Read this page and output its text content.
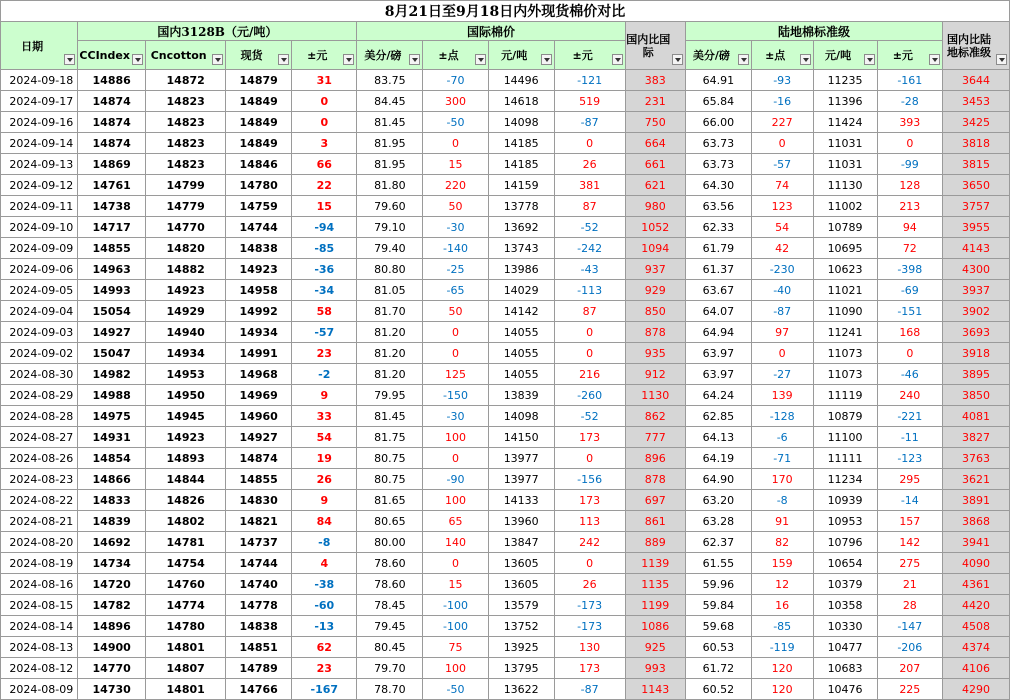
8月21日至9月18日内外现货棉价对比														
日期	国内3128B（元/吨）				国际棉价				国内比国际	陆地棉标准级				国内比陆地标准级

	CCIndex	Cncotton	现货	±元	美分/磅	±点	元/吨	±元		美分/磅	±点	元/吨	±元	

2024-09-18	14886	14872	14879	31	83.75	-70	14496	-121	383	64.91	-93	11235	-161	3644
2024-09-17	14874	14823	14849	0	84.45	300	14618	519	231	65.84	-16	11396	-28	3453
2024-09-16	14874	14823	14849	0	81.45	-50	14098	-87	750	66.00	227	11424	393	3425
2024-09-14	14874	14823	14849	3	81.95	0	14185	0	664	63.73	0	11031	0	3818
2024-09-13	14869	14823	14846	66	81.95	15	14185	26	661	63.73	-57	11031	-99	3815
2024-09-12	14761	14799	14780	22	81.80	220	14159	381	621	64.30	74	11130	128	3650
2024-09-11	14738	14779	14759	15	79.60	50	13778	87	980	63.56	123	11002	213	3757
2024-09-10	14717	14770	14744	-94	79.10	-30	13692	-52	1052	62.33	54	10789	94	3955
2024-09-09	14855	14820	14838	-85	79.40	-140	13743	-242	1094	61.79	42	10695	72	4143
2024-09-06	14963	14882	14923	-36	80.80	-25	13986	-43	937	61.37	-230	10623	-398	4300
2024-09-05	14993	14923	14958	-34	81.05	-65	14029	-113	929	63.67	-40	11021	-69	3937
2024-09-04	15054	14929	14992	58	81.70	50	14142	87	850	64.07	-87	11090	-151	3902
2024-09-03	14927	14940	14934	-57	81.20	0	14055	0	878	64.94	97	11241	168	3693
2024-09-02	15047	14934	14991	23	81.20	0	14055	0	935	63.97	0	11073	0	3918
2024-08-30	14982	14953	14968	-2	81.20	125	14055	216	912	63.97	-27	11073	-46	3895
2024-08-29	14988	14950	14969	9	79.95	-150	13839	-260	1130	64.24	139	11119	240	3850
2024-08-28	14975	14945	14960	33	81.45	-30	14098	-52	862	62.85	-128	10879	-221	4081
2024-08-27	14931	14923	14927	54	81.75	100	14150	173	777	64.13	-6	11100	-11	3827
2024-08-26	14854	14893	14874	19	80.75	0	13977	0	896	64.19	-71	11111	-123	3763
2024-08-23	14866	14844	14855	26	80.75	-90	13977	-156	878	64.90	170	11234	295	3621
2024-08-22	14833	14826	14830	9	81.65	100	14133	173	697	63.20	-8	10939	-14	3891
2024-08-21	14839	14802	14821	84	80.65	65	13960	113	861	63.28	91	10953	157	3868
2024-08-20	14692	14781	14737	-8	80.00	140	13847	242	889	62.37	82	10796	142	3941
2024-08-19	14734	14754	14744	4	78.60	0	13605	0	1139	61.55	159	10654	275	4090
2024-08-16	14720	14760	14740	-38	78.60	15	13605	26	1135	59.96	12	10379	21	4361
2024-08-15	14782	14774	14778	-60	78.45	-100	13579	-173	1199	59.84	16	10358	28	4420
2024-08-14	14896	14780	14838	-13	79.45	-100	13752	-173	1086	59.68	-85	10330	-147	4508
2024-08-13	14900	14801	14851	62	80.45	75	13925	130	925	60.53	-119	10477	-206	4374
2024-08-12	14770	14807	14789	23	79.70	100	13795	173	993	61.72	120	10683	207	4106
2024-08-09	14730	14801	14766	-167	78.70	-50	13622	-87	1143	60.52	120	10476	225	4290
